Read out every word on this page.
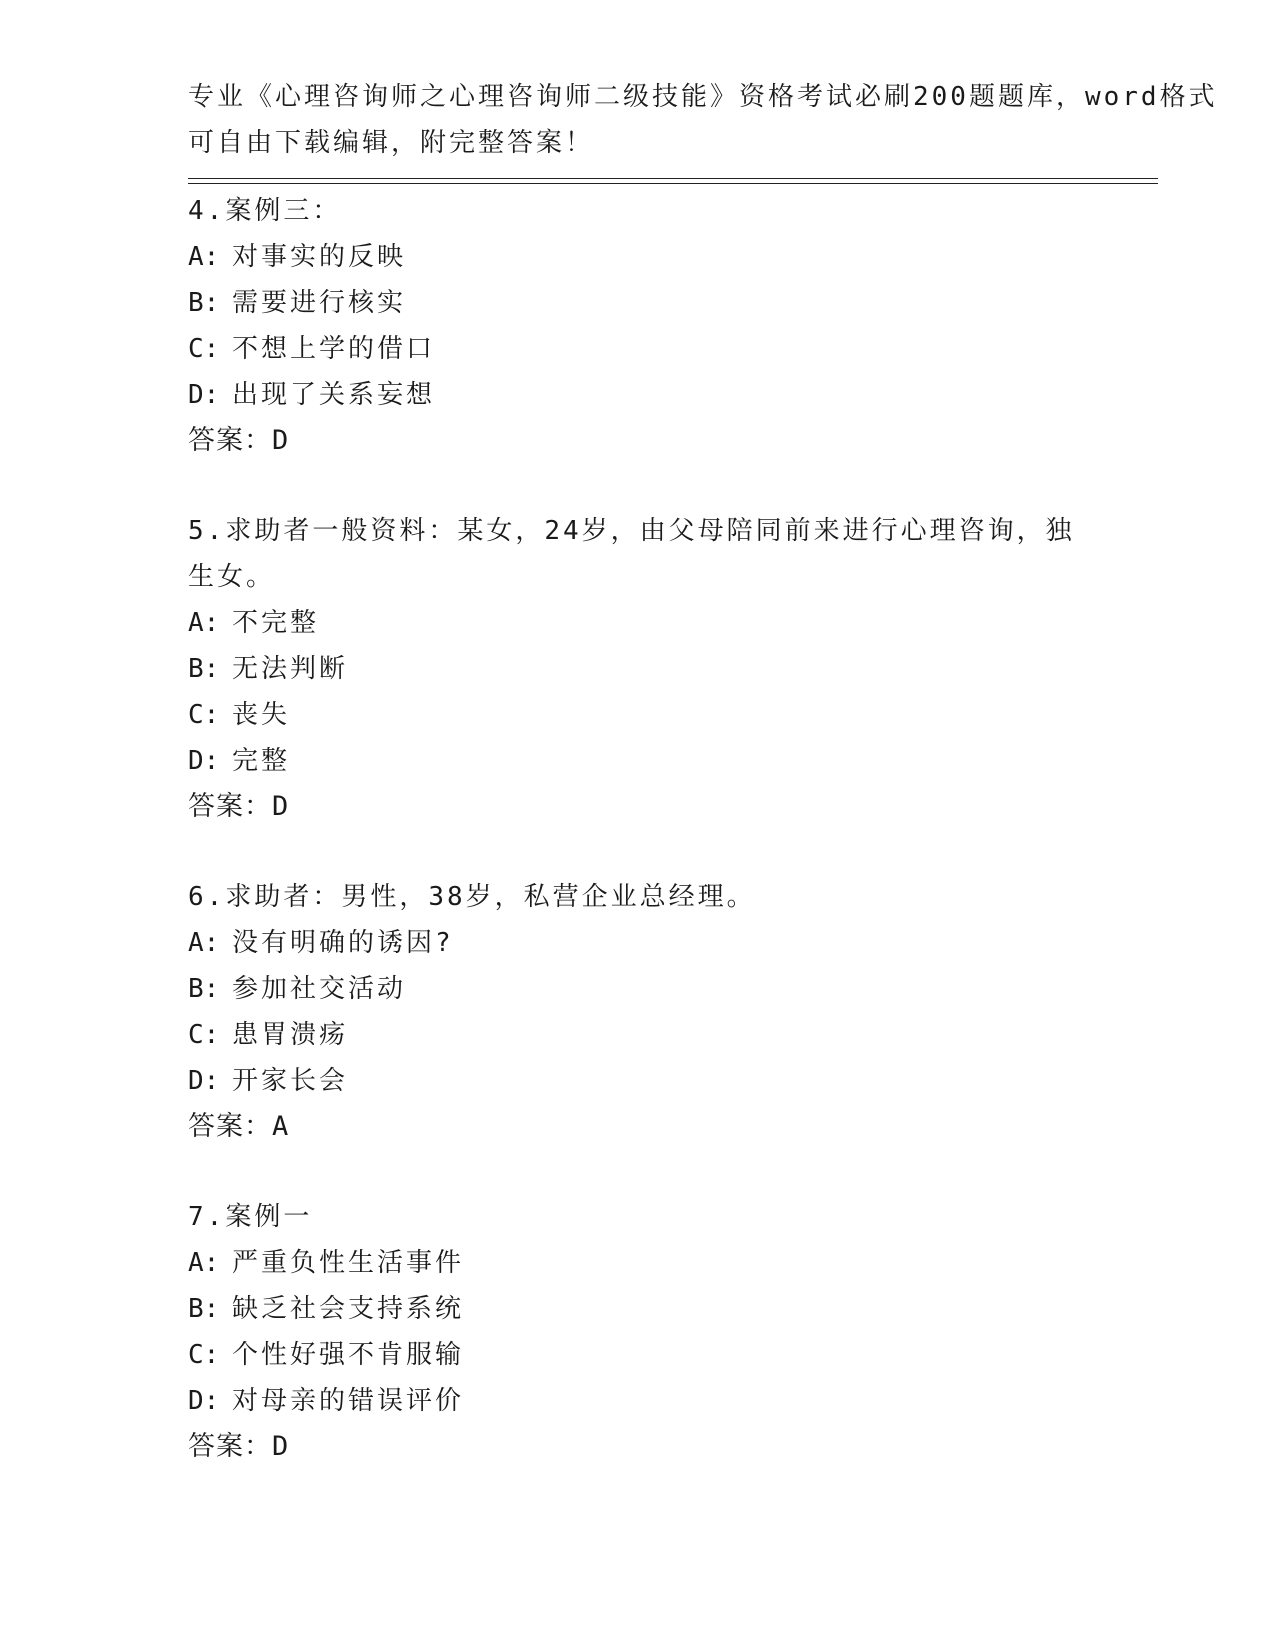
专业《心理咨询师之心理咨询师二级技能》资格考试必刷200题题库，word格式
可自由下载编辑，附完整答案！
4.案例三：
A: 对事实的反映
B: 需要进行核实
C: 不想上学的借口
D: 出现了关系妄想
答案：D
5.求助者一般资料：某女，24岁，由父母陪同前来进行心理咨询，独
生女。
A: 不完整
B: 无法判断
C: 丧失
D: 完整
答案：D
6.求助者：男性，38岁，私营企业总经理。
A: 没有明确的诱因?
B: 参加社交活动
C: 患胃溃疡
D: 开家长会
答案：A
7.案例一
A: 严重负性生活事件
B: 缺乏社会支持系统
C: 个性好强不肯服输
D: 对母亲的错误评价
答案：D
